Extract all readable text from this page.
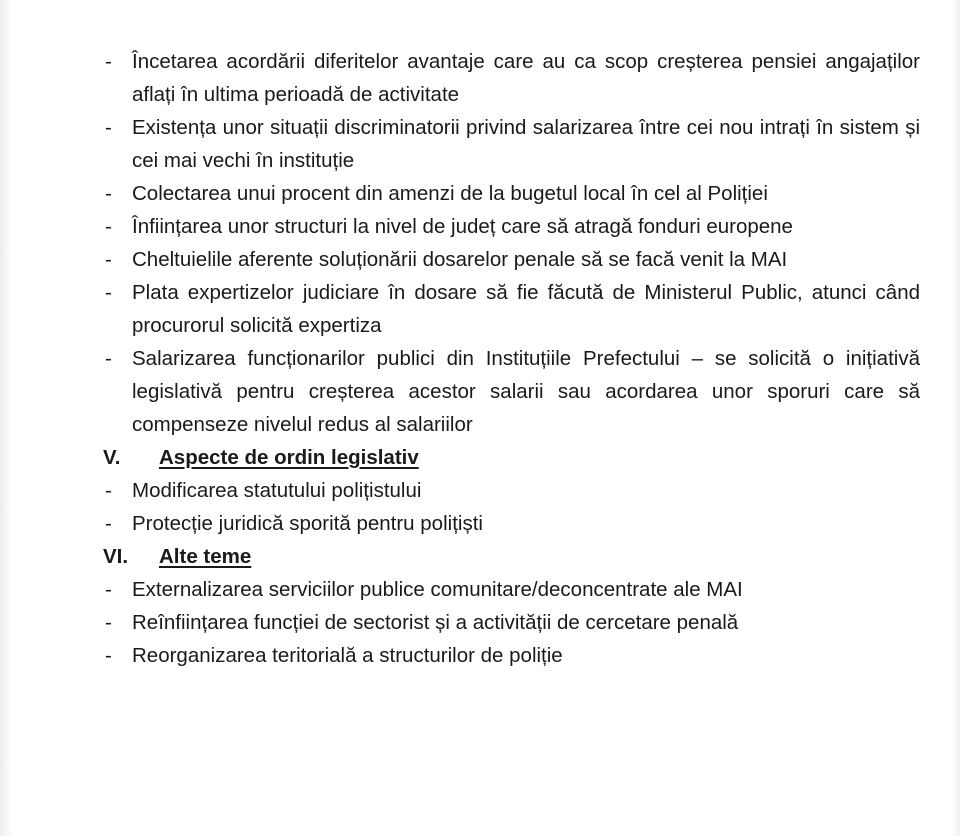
- Încetarea acordării diferitelor avantaje care au ca scop creșterea pensiei angajaților aflați în ultima perioadă de activitate
- Existența unor situații discriminatorii privind salarizarea între cei nou intrați în sistem și cei mai vechi în instituție
- Colectarea unui procent din amenzi de la bugetul local în cel al Poliției
- Înființarea unor structuri la nivel de județ care să atragă fonduri europene
- Cheltuielile aferente soluționării dosarelor penale să se facă venit la MAI
- Plata expertizelor judiciare în dosare să fie făcută de Ministerul Public, atunci când procurorul solicită expertiza
- Salarizarea funcționarilor publici din Instituțiile Prefectului – se solicită o inițiativă legislativă pentru creșterea acestor salarii sau acordarea unor sporuri care să compenseze nivelul redus al salariilor
V.	Aspecte de ordin legislativ
- Modificarea statutului polițistului
- Protecție juridică sporită pentru polițiști
VI.	Alte teme
- Externalizarea serviciilor publice comunitare/deconcentrate ale MAI
- Reînființarea funcției de sectorist și a activității de cercetare penală
- Reorganizarea teritorială a structurilor de poliție
